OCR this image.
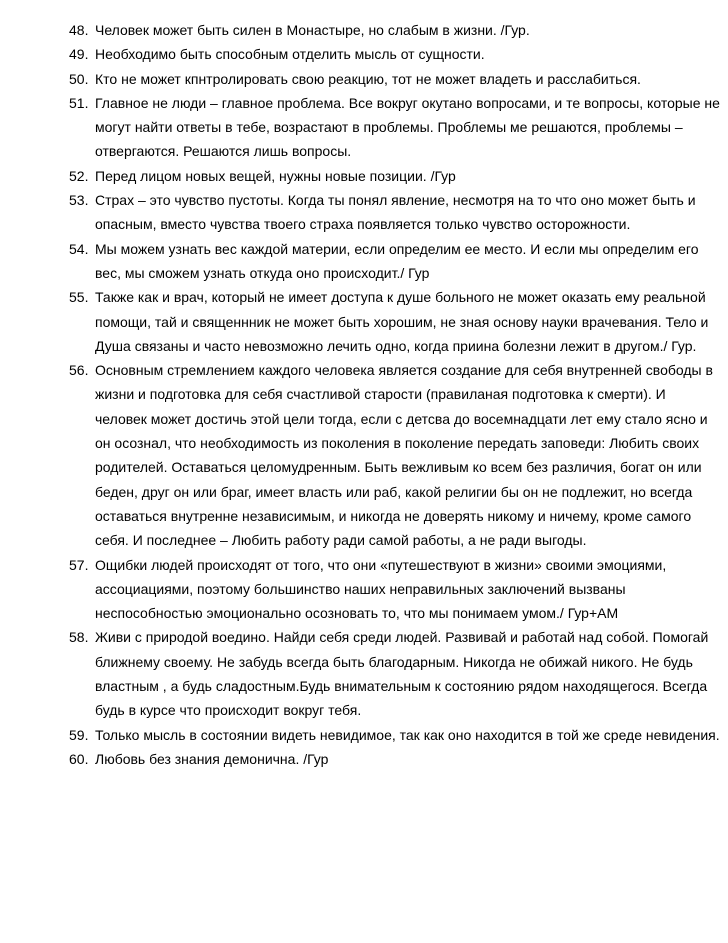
48. Человек может быть силен в Монастыре, но слабым в жизни. /Гур.
49. Необходимо быть способным отделить мысль от сущности.
50. Кто не может кпнтролировать свою реакцию, тот не может владеть и расслабиться.
51. Главное не люди – главное проблема. Все вокруг окутано вопросами, и те вопросы, которые не могут найти ответы в тебе, возрастают в проблемы. Проблемы ме решаются, проблемы – отвергаются. Решаются лишь вопросы.
52. Перед лицом новых вещей, нужны новые позиции. /Гур
53. Страх – это чувство пустоты. Когда ты понял явление, несмотря на то что оно может быть и опасным, вместо чувства твоего страха появляется только чувство осторожности.
54. Мы можем узнать вес каждой материи, если определим ее место. И если мы определим его вес, мы сможем узнать откуда оно происходит./ Гур
55. Также как и врач, который не имеет доступа к душе больного не может оказать ему реальной помощи, тай и священнник не может быть хорошим, не зная основу науки врачевания. Тело и Душа связаны и часто невозможно лечить одно, когда приина болезни лежит в другом./ Гур.
56. Основным стремлением каждого человека является создание для себя внутренней свободы в жизни и подготовка для себя счастливой старости (правиланая подготовка к смерти). И человек может достичь этой цели тогда, если с детсва до восемнадцати лет ему стало ясно и он осознал, что необходимость из поколения в поколение передать заповеди: Любить своих родителей. Оставаться целомудренным. Быть вежливым ко всем без различия, богат он или беден, друг он или браг, имеет власть или раб, какой религии бы он не подлежит, но всегда оставаться внутренне независимым, и никогда не доверять никому и ничему, кроме самого себя. И последнее – Любить работу ради самой работы, а не ради выгоды.
57. Ощибки людей происходят от того, что они «путешествуют в жизни» своими эмоциями, ассоциациями, поэтому большинство наших неправильных заключений вызваны неспособностью эмоционально осозновать то, что мы понимаем умом./ Гур+АМ
58. Живи с природой воедино. Найди себя среди людей. Развивай и работай над собой. Помогай ближнему своему. Не забудь всегда быть благодарным. Никогда не обижай никого. Не будь властным , а будь сладостным.Будь внимательным к состоянию рядом находящегося. Всегда будь в курсе что происходит вокруг тебя.
59. Только мысль в состоянии видеть невидимое, так как оно находится в той же среде невидения.
60. Любовь без знания демонична. /Гур
